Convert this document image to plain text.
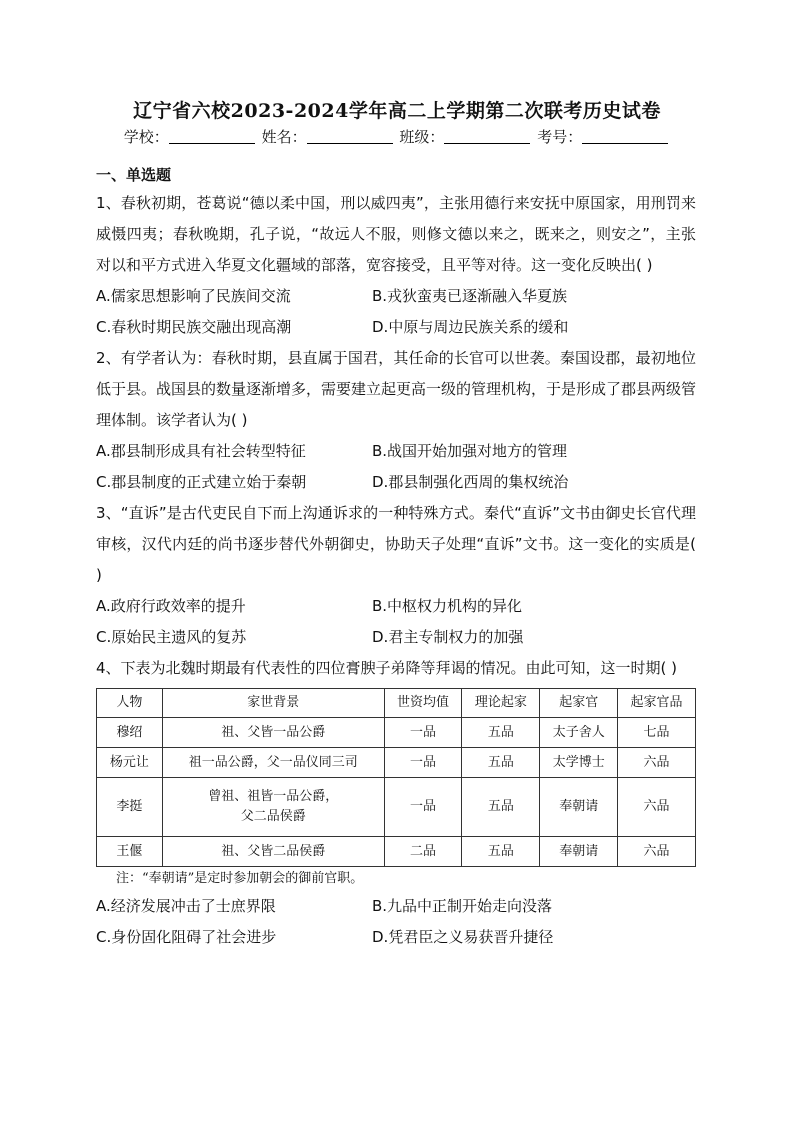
辽宁省六校2023-2024学年高二上学期第二次联考历史试卷
学校：	姓名：	班级：	考号：
一、单选题

1、春秋初期，苍葛说“德以柔中国，刑以威四夷”，主张用德行来安抚中原国家，用刑罚来威慑四夷；春秋晚期，孔子说，“故远人不服，则修文德以来之，既来之，则安之”，主张对以和平方式进入华夏文化疆域的部落，宽容接受，且平等对待。这一变化反映出( )

A.儒家思想影响了民族间交流	B.戎狄蛮夷已逐渐融入华夏族
C.春秋时期民族交融出现高潮	D.中原与周边民族关系的缓和

2、有学者认为：春秋时期，县直属于国君，其任命的长官可以世袭。秦国设郡，最初地位低于县。战国县的数量逐渐增多，需要建立起更高一级的管理机构，于是形成了郡县两级管理体制。该学者认为( )

A.郡县制形成具有社会转型特征	B.战国开始加强对地方的管理
C.郡县制度的正式建立始于秦朝	D.郡县制强化西周的集权统治

3、“直诉”是古代吏民自下而上沟通诉求的一种特殊方式。秦代“直诉”文书由御史长官代理审核，汉代内廷的尚书逐步替代外朝御史，协助天子处理“直诉”文书。这一变化的实质是( )

A.政府行政效率的提升	B.中枢权力机构的异化
C.原始民主遗风的复苏	D.君主专制权力的加强

4、下表为北魏时期最有代表性的四位膏腴子弟降等拜谒的情况。由此可知，这一时期( )

人物	家世背景	世资均值	理论起家	起家官	起家官品
穆绍	祖、父皆一品公爵	一品	五品	太子舍人	七品
杨元让	祖一品公爵，父一品仪同三司	一品	五品	太学博士	六品
李挺	曾祖、祖皆一品公爵，父二品侯爵	一品	五品	奉朝请	六品
王偃	祖、父皆二品侯爵	二品	五品	奉朝请	六品
注：“奉朝请”是定时参加朝会的御前官职。
A.经济发展冲击了士庶界限	B.九品中正制开始走向没落
C.身份固化阻碍了社会进步	D.凭君臣之义易获晋升捷径
